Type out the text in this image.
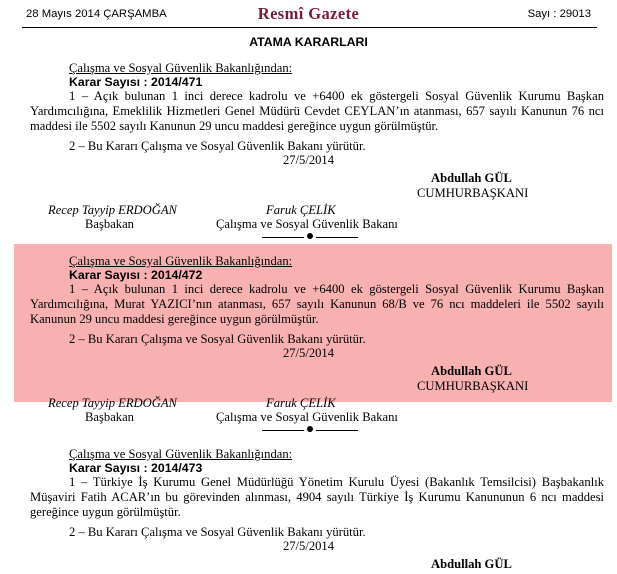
28 Mayıs 2014 ÇARŞAMBA	Resmî Gazete	Sayı : 29013
ATAMA KARARLARI
Çalışma ve Sosyal Güvenlik Bakanlığından:
Karar Sayısı : 2014/471
1 – Açık bulunan 1 inci derece kadrolu ve +6400 ek göstergeli Sosyal Güvenlik Kurumu Başkan Yardımcılığına, Emeklilik Hizmetleri Genel Müdürü Cevdet CEYLAN’ın atanması, 657 sayılı Kanunun 76 ncı maddesi ile 5502 sayılı Kanunun 29 uncu maddesi gereğince uygun görülmüştür.
2 – Bu Kararı Çalışma ve Sosyal Güvenlik Bakanı yürütür.
27/5/2014
Abdullah GÜL
CUMHURBAŞKANI
Recep Tayyip ERDOĞAN
Başbakan
Faruk ÇELİK
Çalışma ve Sosyal Güvenlik Bakanı
Çalışma ve Sosyal Güvenlik Bakanlığından:
Karar Sayısı : 2014/472
1 – Açık bulunan 1 inci derece kadrolu ve +6400 ek göstergeli Sosyal Güvenlik Kurumu Başkan Yardımcılığına, Murat YAZICI’nın atanması, 657 sayılı Kanunun 68/B ve 76 ncı maddeleri ile 5502 sayılı Kanunun 29 uncu maddesi gereğince uygun görülmüştür.
2 – Bu Kararı Çalışma ve Sosyal Güvenlik Bakanı yürütür.
27/5/2014
Abdullah GÜL
CUMHURBAŞKANI
Recep Tayyip ERDOĞAN
Başbakan
Faruk ÇELİK
Çalışma ve Sosyal Güvenlik Bakanı
Çalışma ve Sosyal Güvenlik Bakanlığından:
Karar Sayısı : 2014/473
1 – Türkiye İş Kurumu Genel Müdürlüğü Yönetim Kurulu Üyesi (Bakanlık Temsilcisi) Başbakanlık Müşaviri Fatih ACAR’ın bu görevinden alınması, 4904 sayılı Türkiye İş Kurumu Kanununun 6 ncı maddesi gereğince uygun görülmüştür.
2 – Bu Kararı Çalışma ve Sosyal Güvenlik Bakanı yürütür.
27/5/2014
Abdullah GÜL
